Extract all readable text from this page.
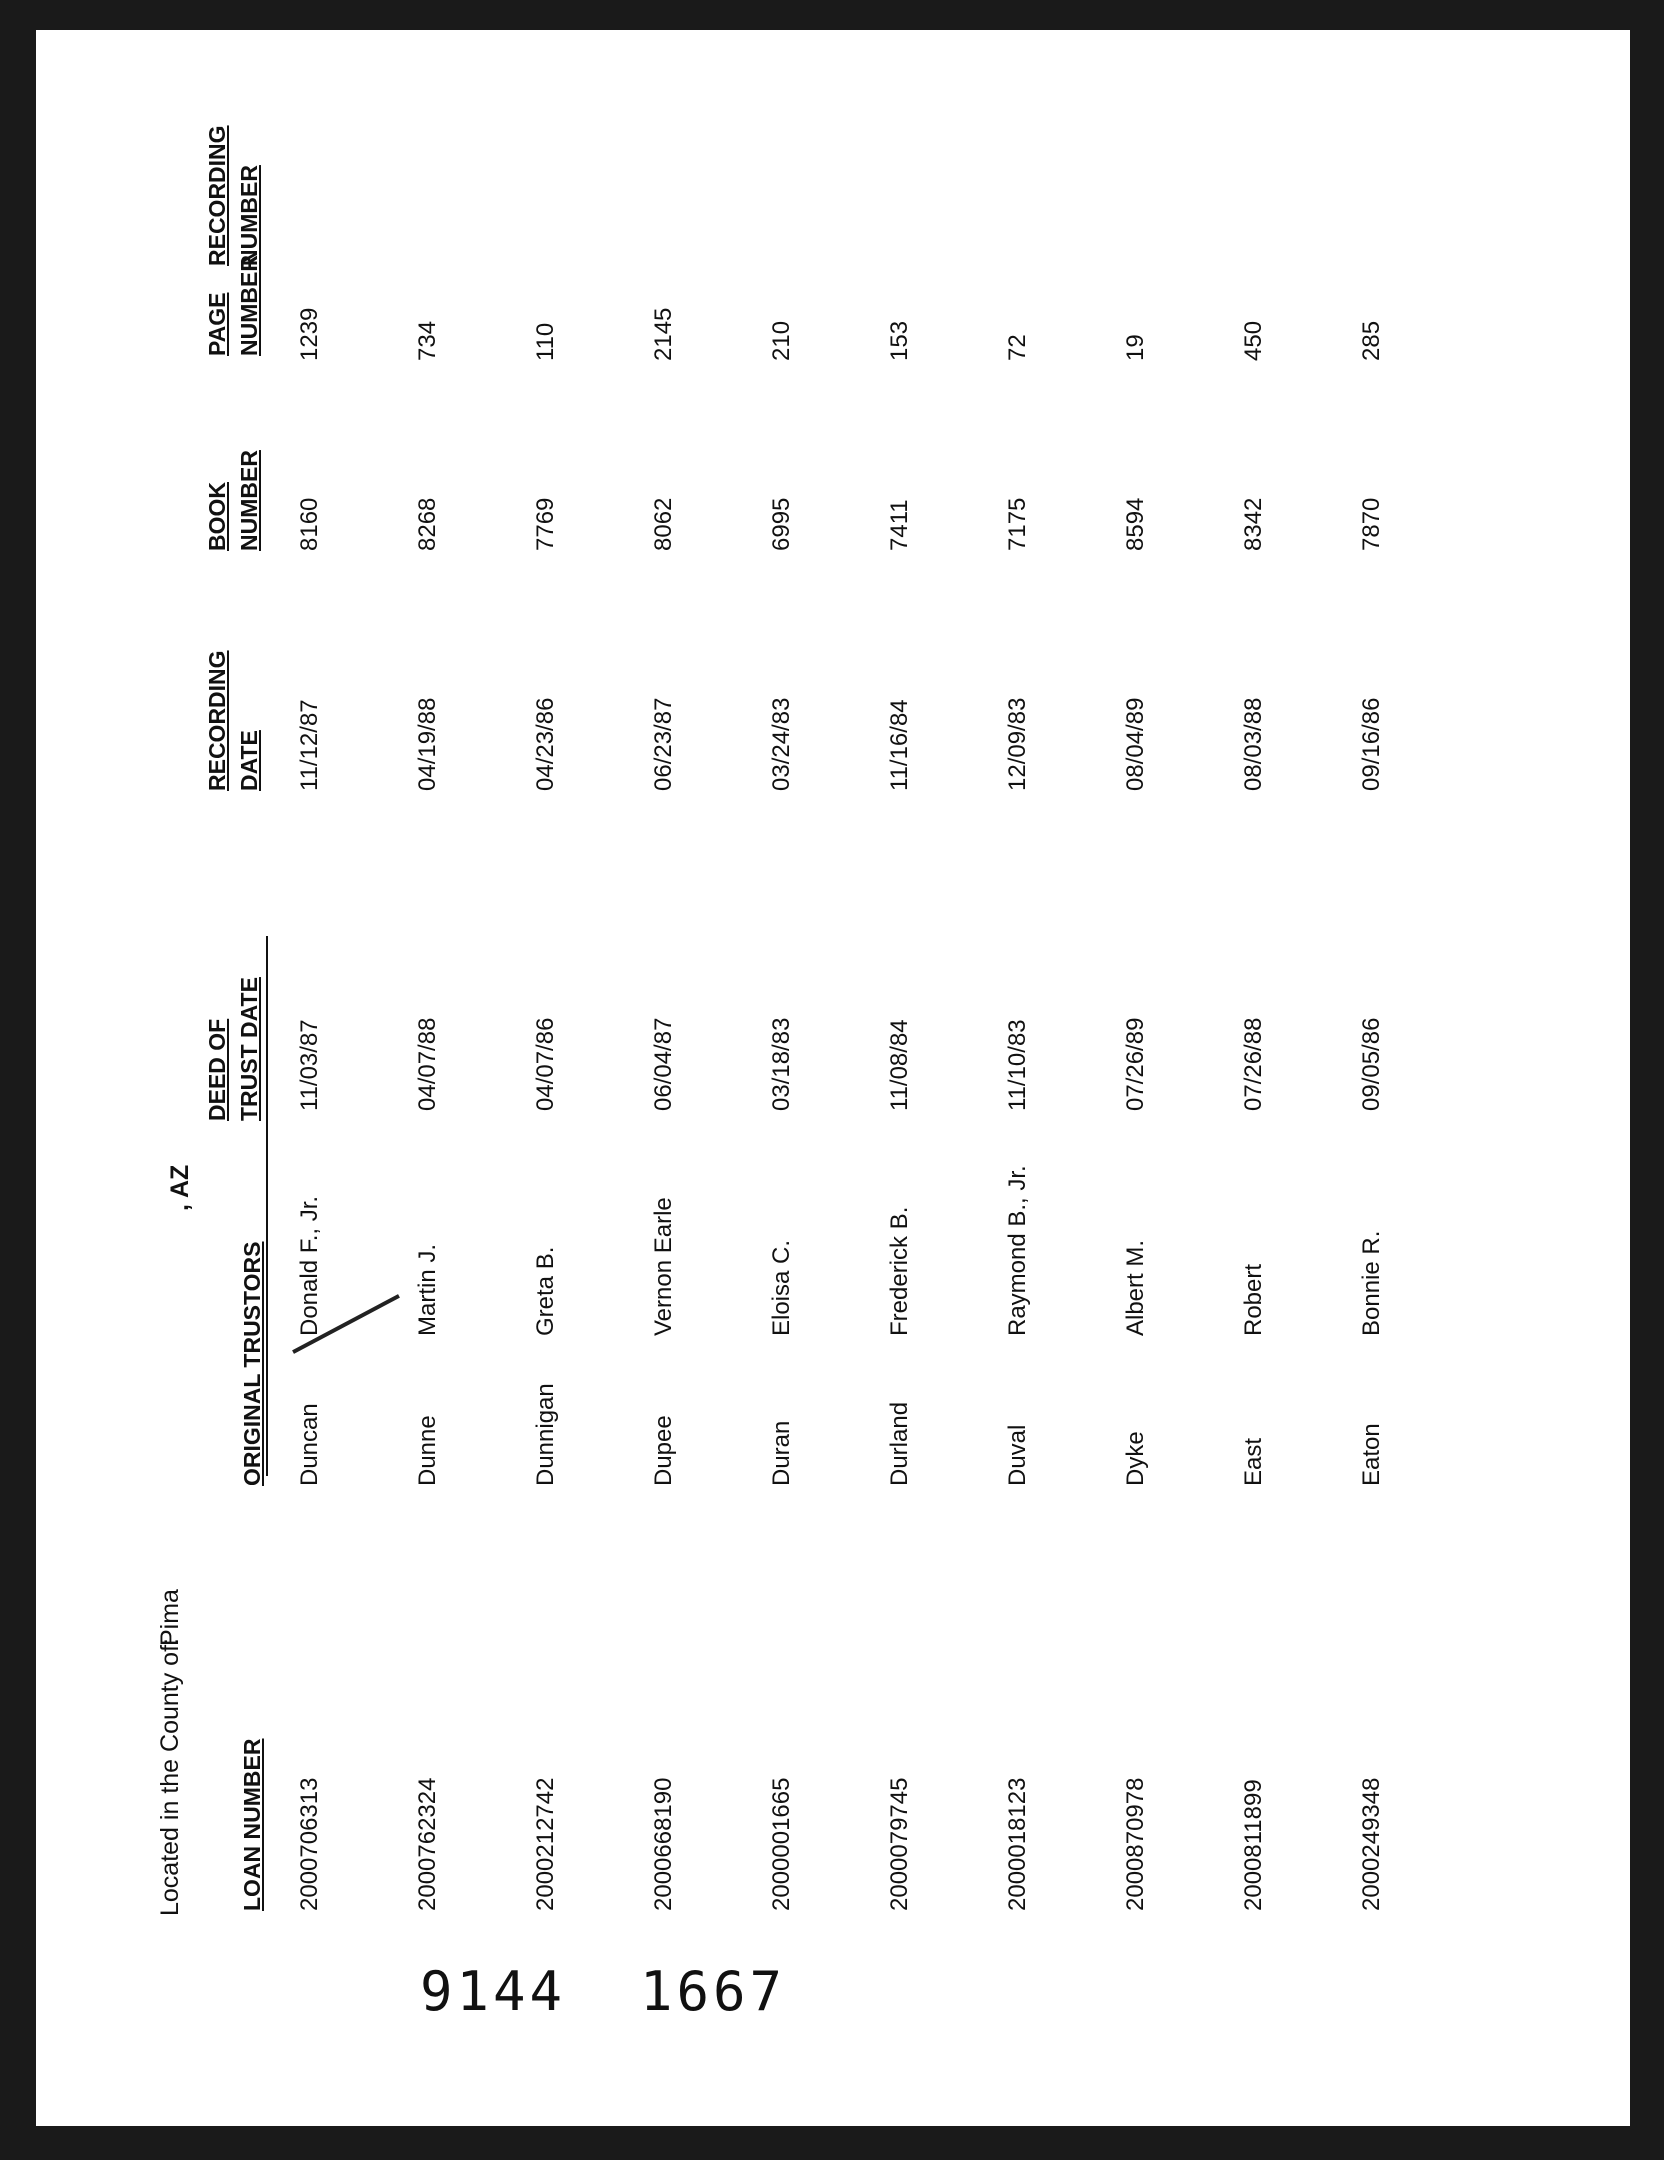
Located in the County of:
Pima
, AZ
LOAN NUMBER
ORIGINAL TRUSTORS
DEED OF TRUST DATE
RECORDING DATE
BOOK NUMBER
PAGE NUMBER
RECORDING NUMBER
2000706313
Duncan
Donald F., Jr.
11/03/87
11/12/87
8160
1239
2000762324
Dunne
Martin J.
04/07/88
04/19/88
8268
734
2000212742
Dunnigan
Greta B.
04/07/86
04/23/86
7769
110
2000668190
Dupee
Vernon Earle
06/04/87
06/23/87
8062
2145
2000001665
Duran
Eloisa C.
03/18/83
03/24/83
6995
210
2000079745
Durland
Frederick B.
11/08/84
11/16/84
7411
153
2000018123
Duval
Raymond B., Jr.
11/10/83
12/09/83
7175
72
2000870978
Dyke
Albert M.
07/26/89
08/04/89
8594
19
2000811899
East
Robert
07/26/88
08/03/88
8342
450
2000249348
Eaton
Bonnie R.
09/05/86
09/16/86
7870
285
9144 1667
